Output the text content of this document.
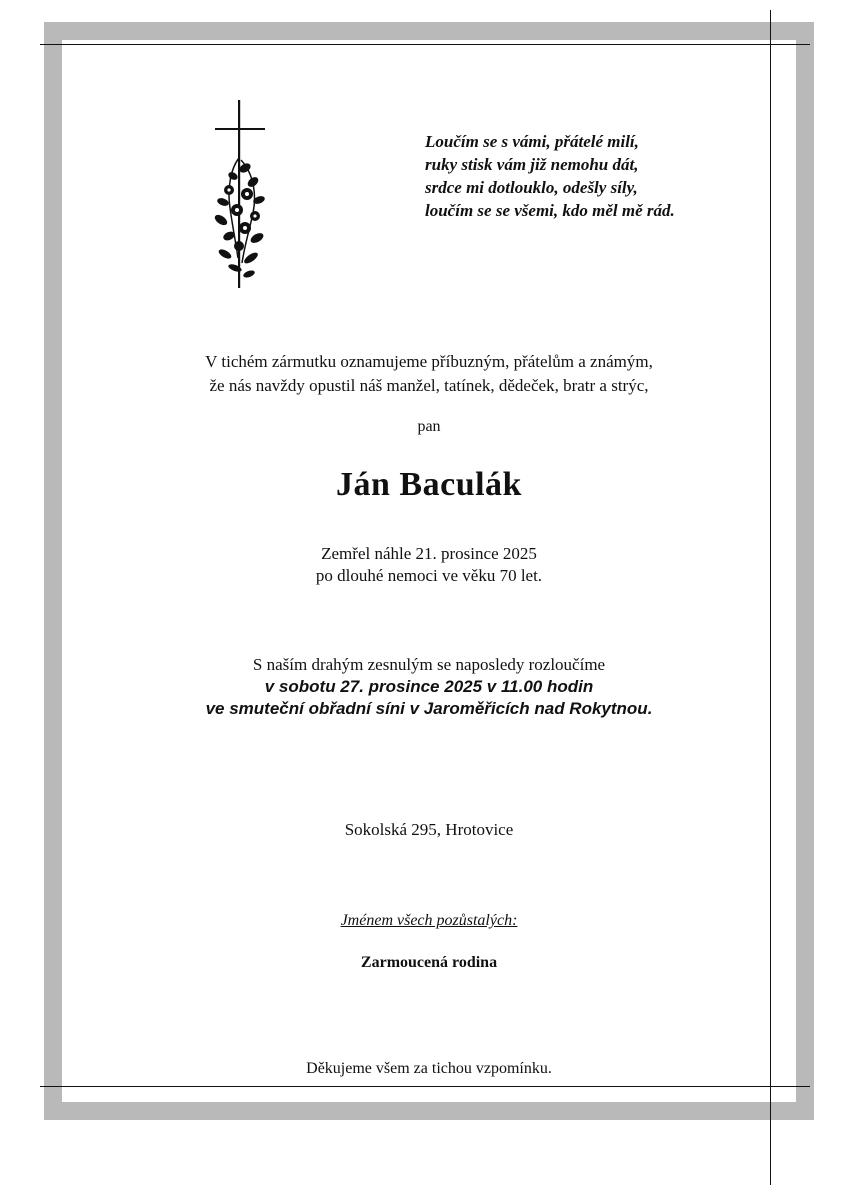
Loučím se s vámi, přátelé milí,
ruky stisk vám již nemohu dát,
srdce mi dotlouklo, odešly síly,
loučím se se všemi, kdo měl mě rád.
V tichém zármutku oznamujeme příbuzným, přátelům a známým,
že nás navždy opustil náš manžel, tatínek, dědeček, bratr a strýc,
pan
Ján Baculák
Zemřel náhle 21. prosince 2025
po dlouhé nemoci ve věku 70 let.
S naším drahým zesnulým se naposledy rozloučíme
v sobotu 27. prosince 2025 v 11.00 hodin
ve smuteční obřadní síni v Jaroměřicích nad Rokytnou.
Sokolská 295, Hrotovice
Jménem všech pozůstalých:
Zarmoucená rodina
Děkujeme všem za tichou vzpomínku.
